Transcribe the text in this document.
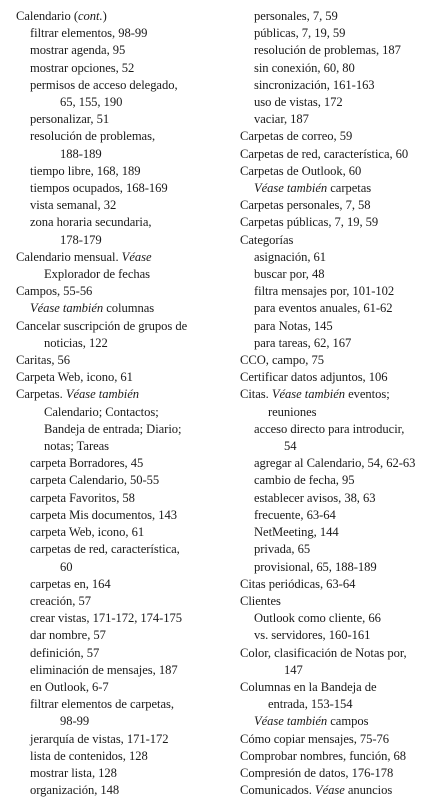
Calendario (cont.)
filtrar elementos, 98-99
mostrar agenda, 95
mostrar opciones, 52
permisos de acceso delegado,
65, 155, 190
personalizar, 51
resolución de problemas,
188-189
tiempo libre, 168, 189
tiempos ocupados, 168-169
vista semanal, 32
zona horaria secundaria,
178-179
Calendario mensual. Véase
Explorador de fechas
Campos, 55-56
Véase también columnas
Cancelar suscripción de grupos de
noticias, 122
Caritas, 56
Carpeta Web, icono, 61
Carpetas. Véase también
Calendario; Contactos;
Bandeja de entrada; Diario;
notas; Tareas
carpeta Borradores, 45
carpeta Calendario, 50-55
carpeta Favoritos, 58
carpeta Mis documentos, 143
carpeta Web, icono, 61
carpetas de red, característica,
60
carpetas en, 164
creación, 57
crear vistas, 171-172, 174-175
dar nombre, 57
definición, 57
eliminación de mensajes, 187
en Outlook, 6-7
filtrar elementos de carpetas,
98-99
jerarquía de vistas, 171-172
lista de contenidos, 128
mostrar lista, 128
organización, 148
personales, 7, 59
públicas, 7, 19, 59
resolución de problemas, 187
sin conexión, 60, 80
sincronización, 161-163
uso de vistas, 172
vaciar, 187
Carpetas de correo, 59
Carpetas de red, característica, 60
Carpetas de Outlook, 60
Véase también carpetas
Carpetas personales, 7, 58
Carpetas públicas, 7, 19, 59
Categorías
asignación, 61
buscar por, 48
filtra mensajes por, 101-102
para eventos anuales, 61-62
para Notas, 145
para tareas, 62, 167
CCO, campo, 75
Certificar datos adjuntos, 106
Citas. Véase también eventos;
reuniones
acceso directo para introducir,
54
agregar al Calendario, 54, 62-63
cambio de fecha, 95
establecer avisos, 38, 63
frecuente, 63-64
NetMeeting, 144
privada, 65
provisional, 65, 188-189
Citas periódicas, 63-64
Clientes
Outlook como cliente, 66
vs. servidores, 160-161
Color, clasificación de Notas por,
147
Columnas en la Bandeja de
entrada, 153-154
Véase también campos
Cómo copiar mensajes, 75-76
Comprobar nombres, función, 68
Compresión de datos, 176-178
Comunicados. Véase anuncios
